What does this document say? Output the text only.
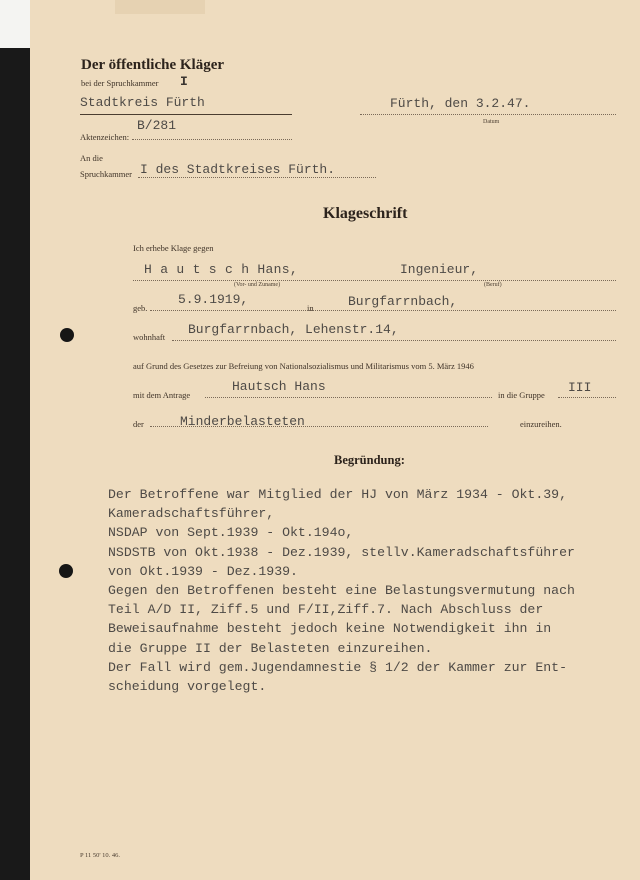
Der öffentliche Kläger
bei der Spruchkammer I
Stadtkreis Fürth	Fürth, den 3.2.47.
Datum
Aktenzeichen:
B/281
An die
Spruchkammer I des Stadtkreises Fürth.
Klageschrift
Ich erhebe Klage gegen
H a u t s c h Hans,	Ingenieur,
(Vor- und Zuname)	(Beruf)
geb.
5.9.1919,
in	Burgfarrnbach,
wohnhaft Burgfarrnbach, Lehenstr.14,
auf Grund des Gesetzes zur Befreiung von Nationalsozialismus und Militarismus vom 5. März 1946
mit dem Antrage
Hautsch Hans
in die Gruppe III
der	Minderbelasteten	einzureihen.
Begründung:
Der Betroffene war Mitglied der HJ von März 1934 - Okt.39,
Kameradschaftsführer,
NSDAP von Sept.1939 - Okt.194o,
NSDSTB von Okt.1938 - Dez.1939, stellv.Kameradschaftsführer
von Okt.1939 - Dez.1939.
Gegen den Betroffenen besteht eine Belastungsvermutung nach
Teil A/D II, Ziff.5 und F/II,Ziff.7. Nach Abschluss der
Beweisaufnahme besteht jedoch keine Notwendigkeit ihn in
die Gruppe II der Belasteten einzureihen.
Der Fall wird gem.Jugendamnestie § 1/2 der Kammer zur Ent-
scheidung vorgelegt.
P 11 50' 10. 46.
